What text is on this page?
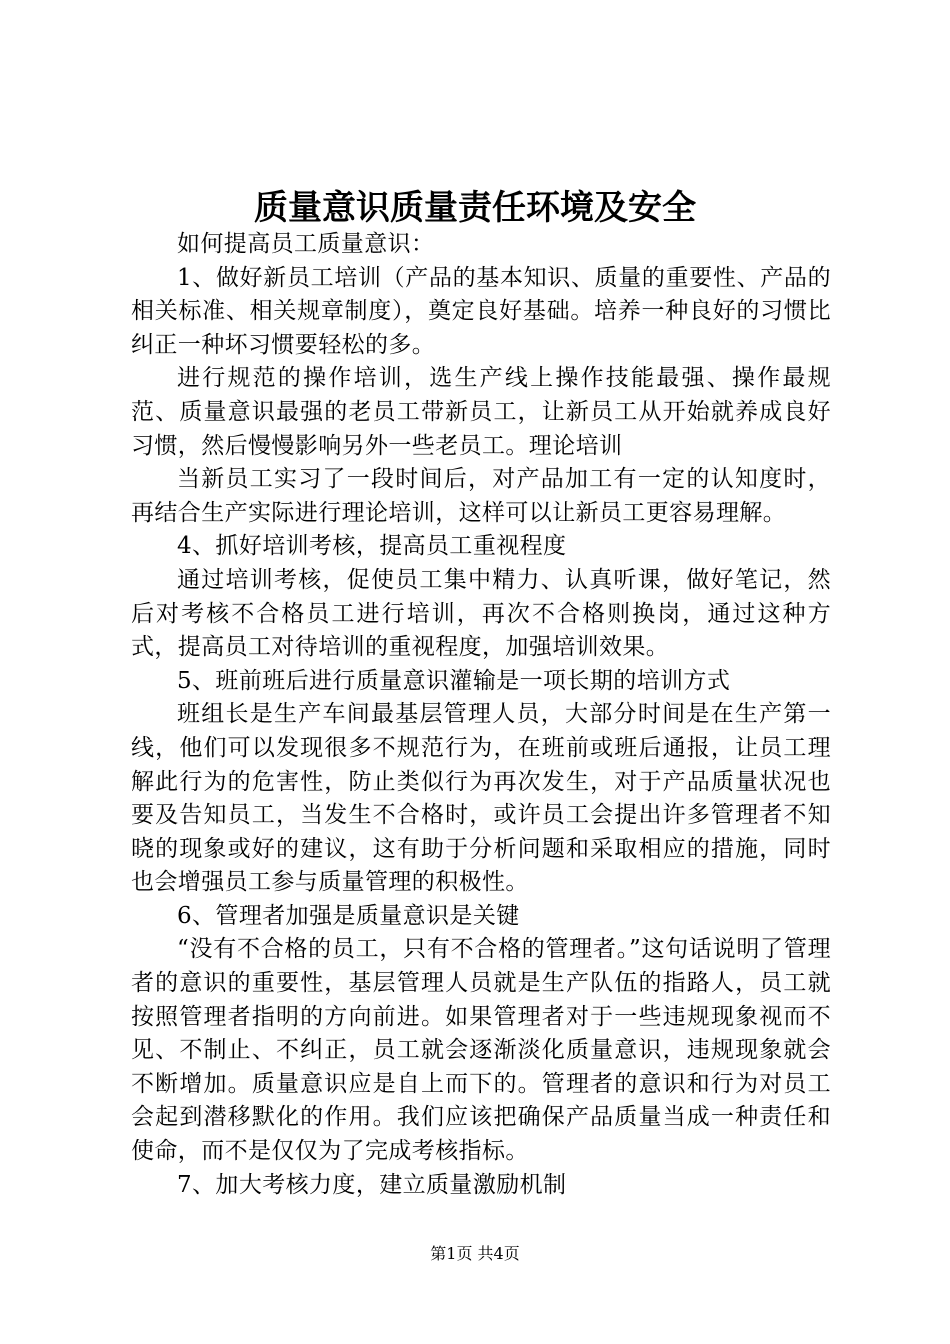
质量意识质量责任环境及安全

如何提高员工质量意识：

1、做好新员工培训（产品的基本知识、质量的重要性、产品的相关标准、相关规章制度），奠定良好基础。培养一种良好的习惯比纠正一种坏习惯要轻松的多。

进行规范的操作培训，选生产线上操作技能最强、操作最规范、质量意识最强的老员工带新员工，让新员工从开始就养成良好习惯，然后慢慢影响另外一些老员工。理论培训

当新员工实习了一段时间后，对产品加工有一定的认知度时，再结合生产实际进行理论培训，这样可以让新员工更容易理解。

4、抓好培训考核，提高员工重视程度

通过培训考核，促使员工集中精力、认真听课，做好笔记，然后对考核不合格员工进行培训，再次不合格则换岗，通过这种方式，提高员工对待培训的重视程度，加强培训效果。

5、班前班后进行质量意识灌输是一项长期的培训方式

班组长是生产车间最基层管理人员，大部分时间是在生产第一线，他们可以发现很多不规范行为，在班前或班后通报，让员工理解此行为的危害性，防止类似行为再次发生，对于产品质量状况也要及告知员工，当发生不合格时，或许员工会提出许多管理者不知晓的现象或好的建议，这有助于分析问题和采取相应的措施，同时也会增强员工参与质量管理的积极性。

6、管理者加强是质量意识是关键

“没有不合格的员工，只有不合格的管理者。”这句话说明了管理者的意识的重要性，基层管理人员就是生产队伍的指路人，员工就按照管理者指明的方向前进。如果管理者对于一些违规现象视而不见、不制止、不纠正，员工就会逐渐淡化质量意识，违规现象就会不断增加。质量意识应是自上而下的。管理者的意识和行为对员工会起到潜移默化的作用。我们应该把确保产品质量当成一种责任和使命，而不是仅仅为了完成考核指标。

7、加大考核力度，建立质量激励机制

第1页 共4页
